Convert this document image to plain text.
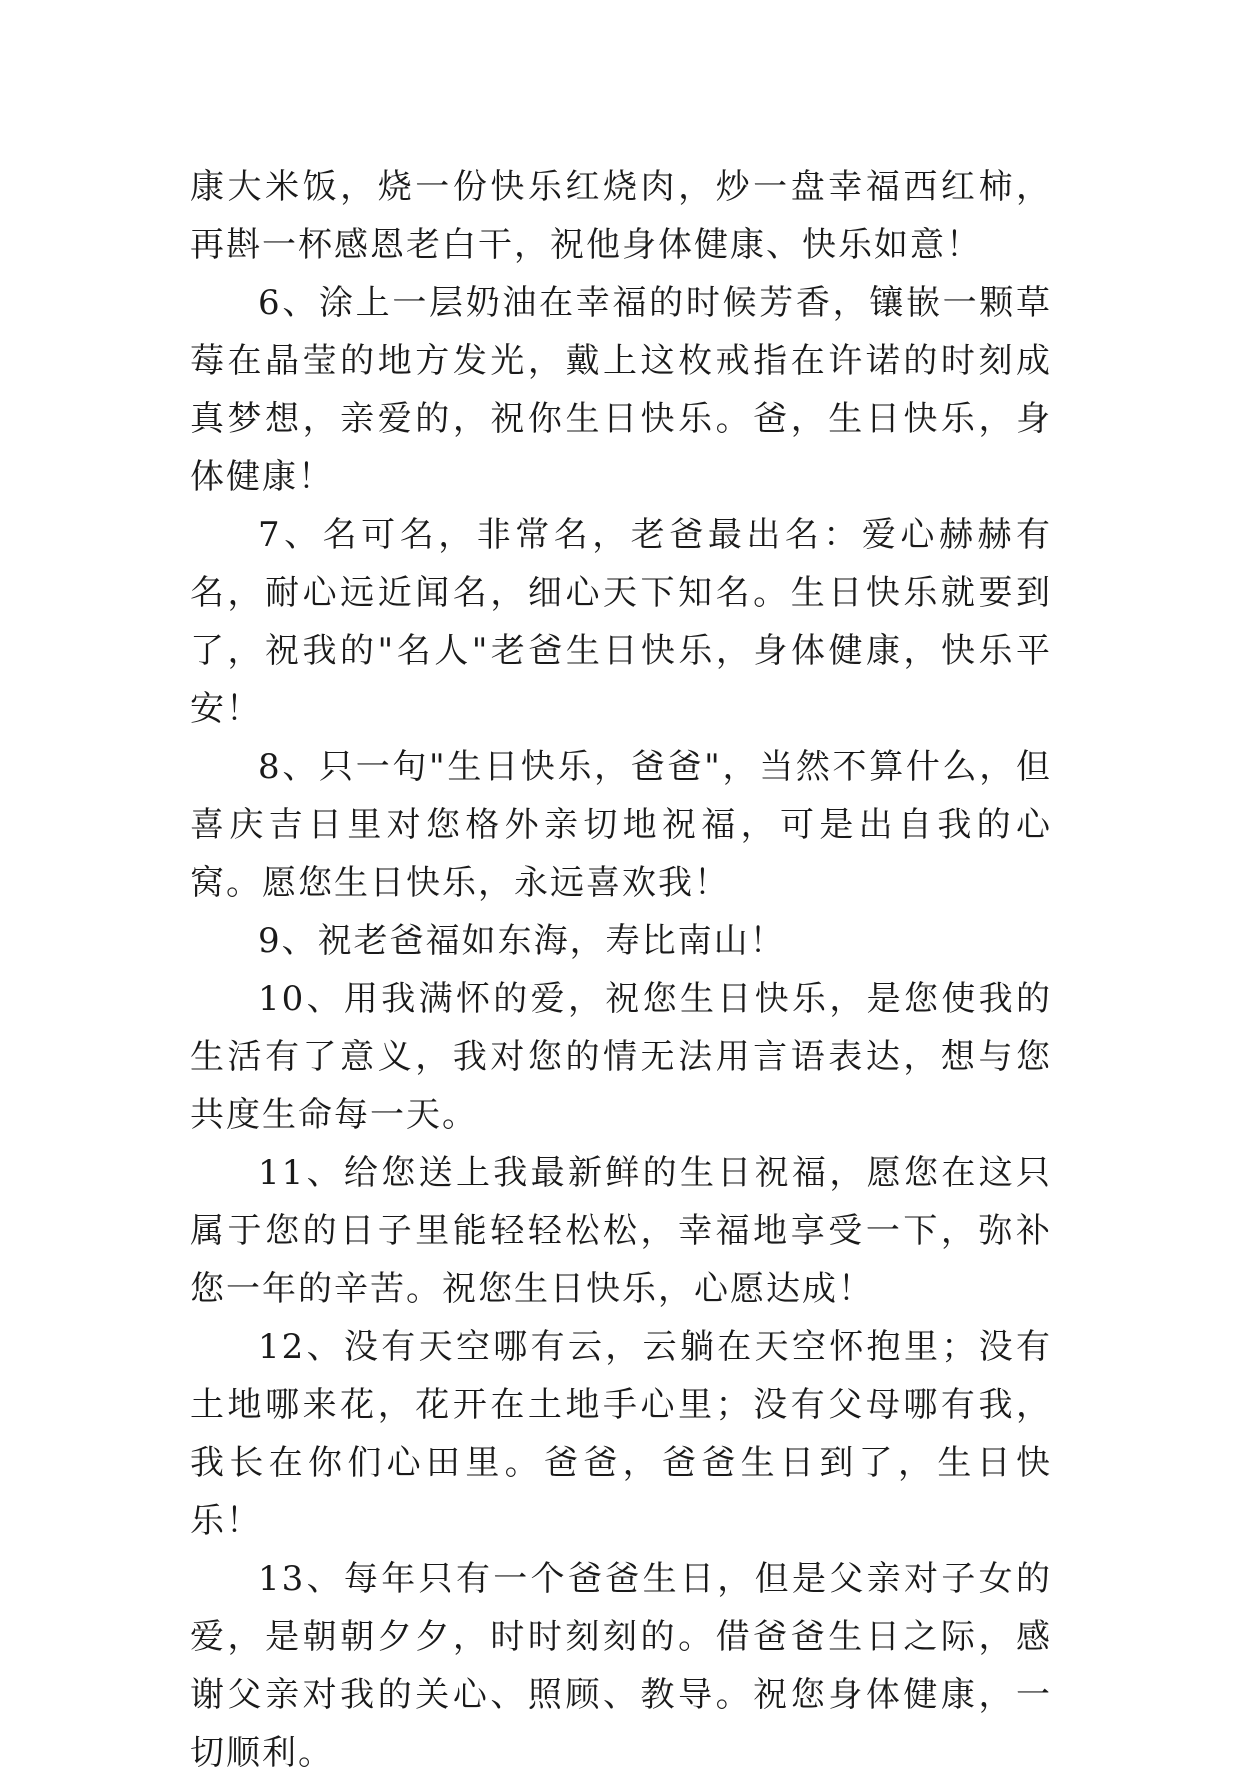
康大米饭，烧一份快乐红烧肉，炒一盘幸福西红柿，再斟一杯感恩老白干，祝他身体健康、快乐如意！

6、涂上一层奶油在幸福的时候芳香，镶嵌一颗草莓在晶莹的地方发光，戴上这枚戒指在许诺的时刻成真梦想，亲爱的，祝你生日快乐。爸，生日快乐，身体健康！

7、名可名，非常名，老爸最出名：爱心赫赫有名，耐心远近闻名，细心天下知名。生日快乐就要到了，祝我的"名人"老爸生日快乐，身体健康，快乐平安！

8、只一句"生日快乐，爸爸"，当然不算什么，但喜庆吉日里对您格外亲切地祝福，可是出自我的心窝。愿您生日快乐，永远喜欢我！

9、祝老爸福如东海，寿比南山！

10、用我满怀的爱，祝您生日快乐，是您使我的生活有了意义，我对您的情无法用言语表达，想与您共度生命每一天。

11、给您送上我最新鲜的生日祝福，愿您在这只属于您的日子里能轻轻松松，幸福地享受一下，弥补您一年的辛苦。祝您生日快乐，心愿达成！

12、没有天空哪有云，云躺在天空怀抱里；没有土地哪来花，花开在土地手心里；没有父母哪有我，我长在你们心田里。爸爸，爸爸生日到了，生日快乐！

13、每年只有一个爸爸生日，但是父亲对子女的爱，是朝朝夕夕，时时刻刻的。借爸爸生日之际，感谢父亲对我的关心、照顾、教导。祝您身体健康，一切顺利。
